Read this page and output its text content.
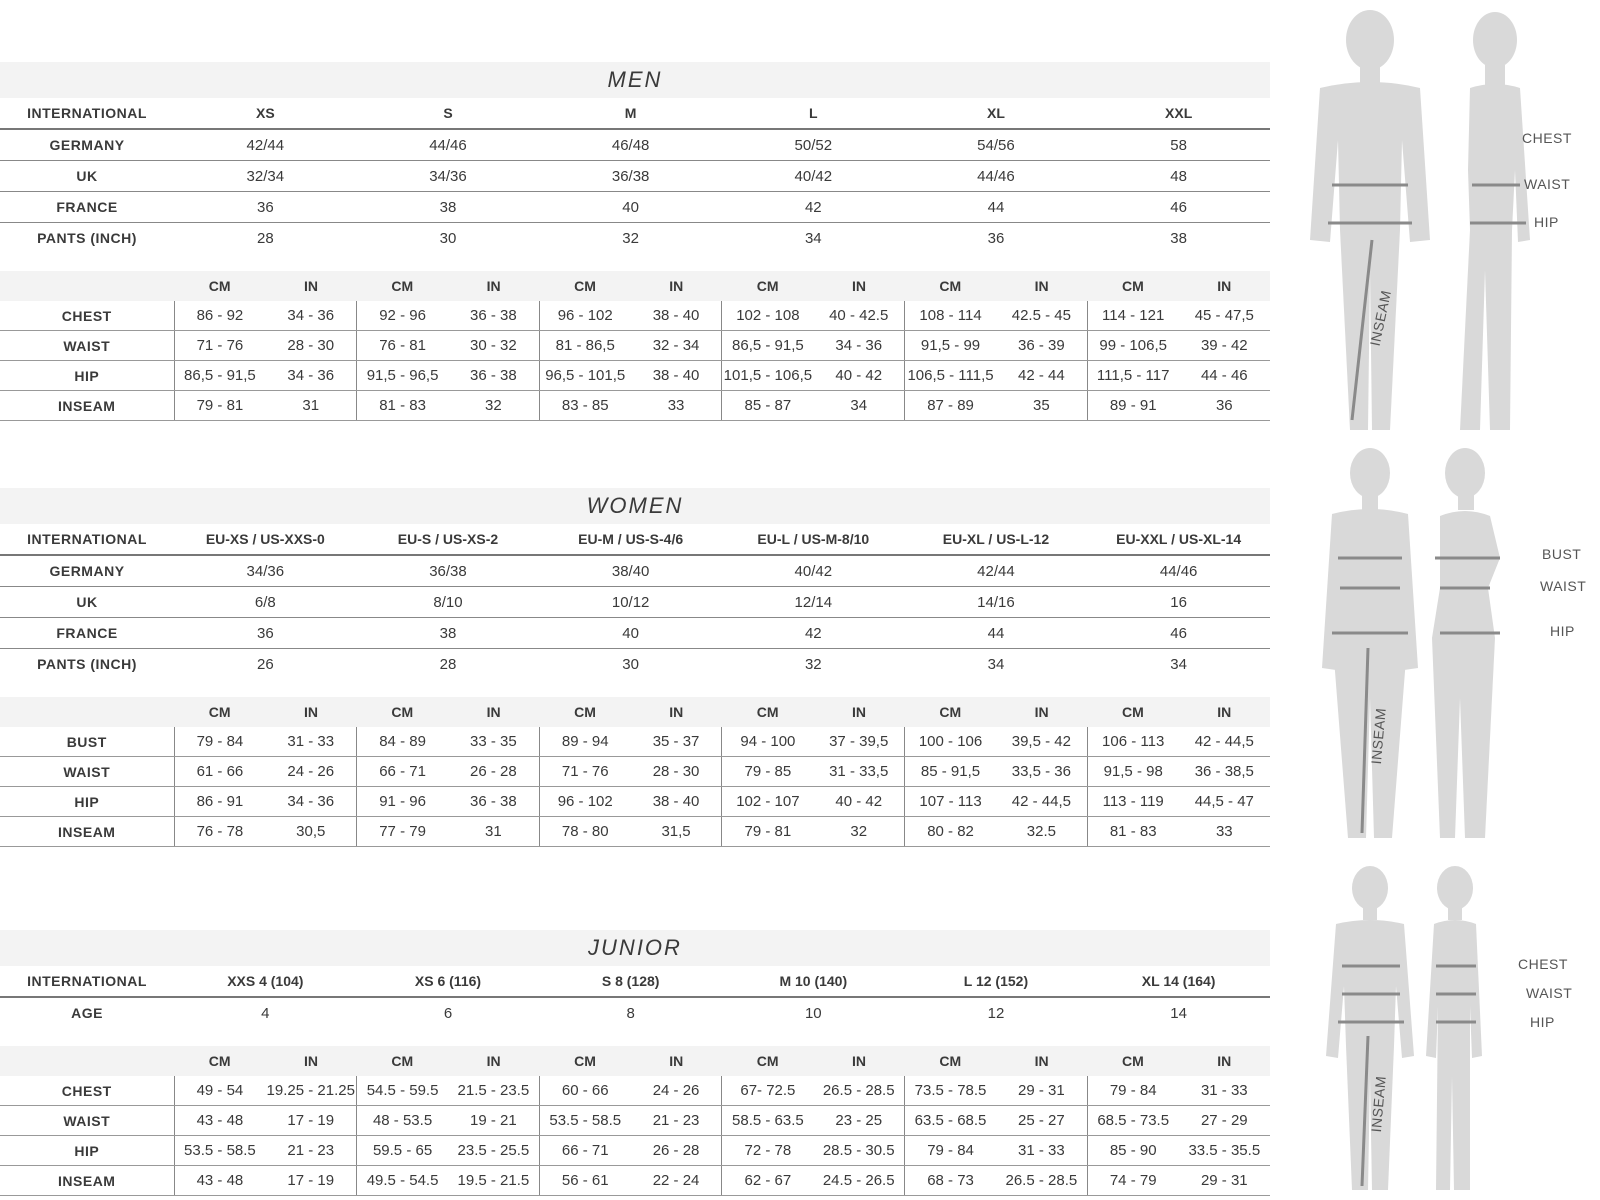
MEN
INTERNATIONAL	XS	S	M	L	XL	XXL
GERMANY	42/44	44/46	46/48	50/52	54/56	58
UK	32/34	34/36	36/38	40/42	44/46	48
FRANCE	36	38	40	42	44	46
PANTS (INCH)	28	30	32	34	36	38
	CM	IN	CM	IN	CM	IN	CM	IN	CM	IN	CM	IN
CHEST	86 - 92	34 - 36	92 - 96	36 - 38	96 - 102	38 - 40	102 - 108	40 - 42.5	108 - 114	42.5 - 45	114 - 121	45 - 47,5
WAIST	71 - 76	28 - 30	76 - 81	30 - 32	81 - 86,5	32 - 34	86,5 - 91,5	34 - 36	91,5 - 99	36 - 39	99 - 106,5	39 - 42
HIP	86,5 - 91,5	34 - 36	91,5 - 96,5	36 - 38	96,5 - 101,5	38 - 40	101,5 - 106,5	40 - 42	106,5 - 111,5	42 - 44	111,5 - 117	44 - 46
INSEAM	79 - 81	31	81 - 83	32	83 - 85	33	85 - 87	34	87 - 89	35	89 - 91	36
WOMEN
INTERNATIONAL	EU-XS / US-XXS-0	EU-S / US-XS-2	EU-M / US-S-4/6	EU-L / US-M-8/10	EU-XL / US-L-12	EU-XXL / US-XL-14
GERMANY	34/36	36/38	38/40	40/42	42/44	44/46
UK	6/8	8/10	10/12	12/14	14/16	16
FRANCE	36	38	40	42	44	46
PANTS (INCH)	26	28	30	32	34	34
	CM	IN	CM	IN	CM	IN	CM	IN	CM	IN	CM	IN
BUST	79 - 84	31 - 33	84 - 89	33 - 35	89 - 94	35 - 37	94 - 100	37 - 39,5	100 - 106	39,5 - 42	106 - 113	42 - 44,5
WAIST	61 - 66	24 - 26	66 - 71	26 - 28	71 - 76	28 - 30	79 - 85	31 - 33,5	85 - 91,5	33,5 - 36	91,5 - 98	36 - 38,5
HIP	86 - 91	34 - 36	91 - 96	36 - 38	96 - 102	38 - 40	102 - 107	40 - 42	107 - 113	42 - 44,5	113 - 119	44,5 - 47
INSEAM	76 - 78	30,5	77 - 79	31	78 - 80	31,5	79 - 81	32	80 - 82	32.5	81 - 83	33
JUNIOR
INTERNATIONAL	XXS 4 (104)	XS 6 (116)	S 8 (128)	M 10 (140)	L 12 (152)	XL 14 (164)
AGE	4	6	8	10	12	14
	CM	IN	CM	IN	CM	IN	CM	IN	CM	IN	CM	IN
CHEST	49 - 54	19.25 - 21.25	54.5 - 59.5	21.5 - 23.5	60 - 66	24 - 26	67- 72.5	26.5 - 28.5	73.5 - 78.5	29 - 31	79 - 84	31 - 33
WAIST	43 - 48	17 - 19	48 - 53.5	19 - 21	53.5 - 58.5	21 - 23	58.5 - 63.5	23 - 25	63.5 - 68.5	25 - 27	68.5 - 73.5	27 - 29
HIP	53.5 - 58.5	21 - 23	59.5 - 65	23.5 - 25.5	66 - 71	26 - 28	72 - 78	28.5 - 30.5	79 - 84	31 - 33	85 - 90	33.5 - 35.5
INSEAM	43 - 48	17 - 19	49.5 - 54.5	19.5 - 21.5	56 - 61	22 - 24	62 - 67	24.5 - 26.5	68 - 73	26.5 - 28.5	74 - 79	29 - 31
CHEST
WAIST
HIP
INSEAM
BUST
WAIST
HIP
INSEAM
CHEST
WAIST
HIP
INSEAM
